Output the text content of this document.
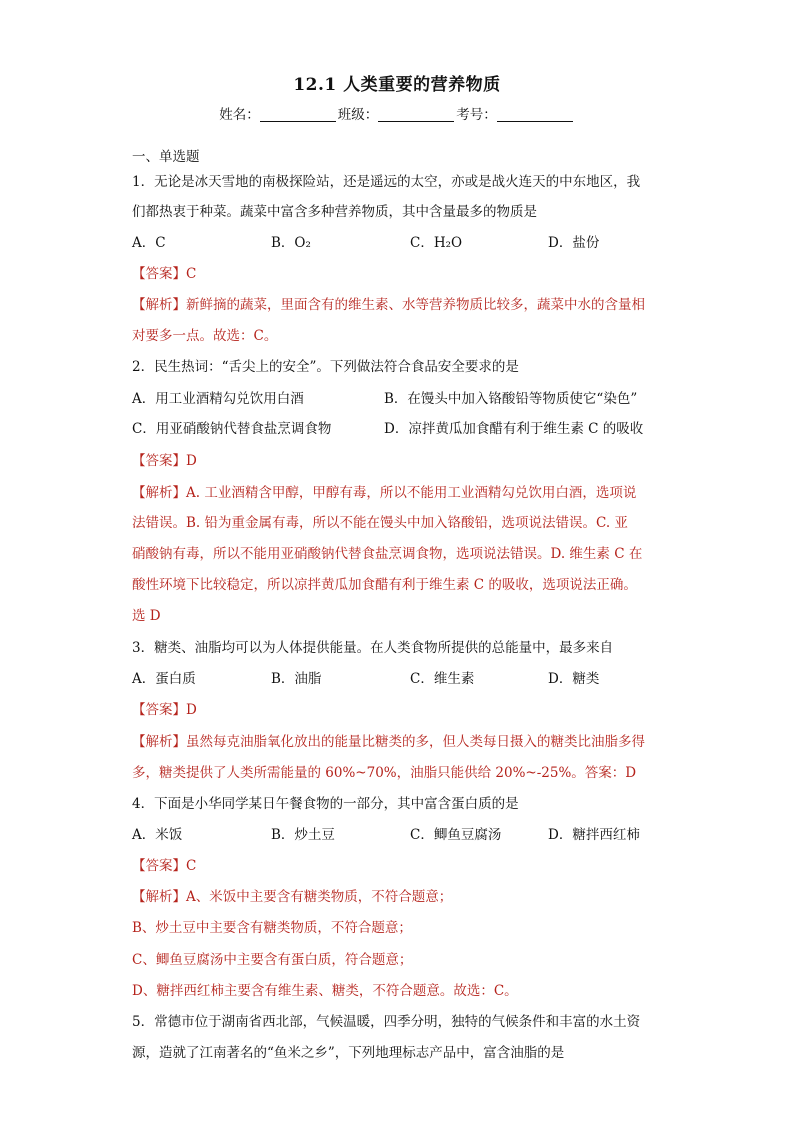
12.1 人类重要的营养物质
姓名：	班级：	考号：
一、单选题
1．无论是冰天雪地的南极探险站，还是遥远的太空，亦或是战火连天的中东地区，我
们都热衷于种菜。蔬菜中富含多种营养物质，其中含量最多的物质是
A．C	B．O₂	C．H₂O	D．盐份
【答案】C
【解析】新鲜摘的蔬菜，里面含有的维生素、水等营养物质比较多，蔬菜中水的含量相
对要多一点。故选：C。
2．民生热词：“舌尖上的安全”。下列做法符合食品安全要求的是
A．用工业酒精勾兑饮用白酒	B．在馒头中加入铬酸铅等物质使它“染色”
C．用亚硝酸钠代替食盐烹调食物	D．凉拌黄瓜加食醋有利于维生素 C 的吸收
【答案】D
【解析】A. 工业酒精含甲醇，甲醇有毒，所以不能用工业酒精勾兑饮用白酒，选项说
法错误。B. 铅为重金属有毒，所以不能在馒头中加入铬酸铅，选项说法错误。C. 亚
硝酸钠有毒，所以不能用亚硝酸钠代替食盐烹调食物，选项说法错误。D. 维生素 C 在
酸性环境下比较稳定，所以凉拌黄瓜加食醋有利于维生素 C 的吸收，选项说法正确。
选 D
3．糖类、油脂均可以为人体提供能量。在人类食物所提供的总能量中，最多来自
A．蛋白质	B．油脂	C．维生素	D．糖类
【答案】D
【解析】虽然每克油脂氧化放出的能量比糖类的多，但人类每日摄入的糖类比油脂多得
多，糖类提供了人类所需能量的 60%~70%，油脂只能供给 20%~-25%。答案：D
4．下面是小华同学某日午餐食物的一部分，其中富含蛋白质的是
A．米饭	B．炒土豆	C．鲫鱼豆腐汤	D．糖拌西红柿
【答案】C
【解析】A、米饭中主要含有糖类物质，不符合题意；
B、炒土豆中主要含有糖类物质，不符合题意；
C、鲫鱼豆腐汤中主要含有蛋白质，符合题意；
D、糖拌西红柿主要含有维生素、糖类，不符合题意。故选：C。
5．常德市位于湖南省西北部，气候温暖，四季分明，独特的气候条件和丰富的水土资
源，造就了江南著名的“鱼米之乡”，下列地理标志产品中，富含油脂的是
